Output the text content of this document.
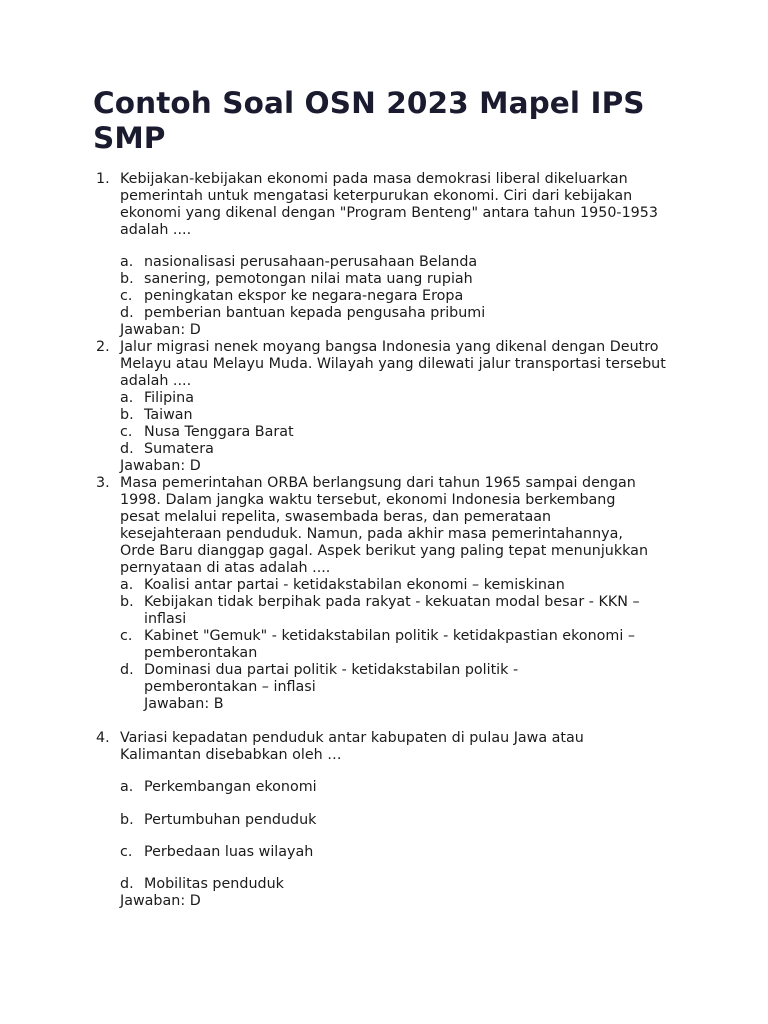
Contoh Soal OSN 2023 Mapel IPS SMP
1. Kebijakan-kebijakan ekonomi pada masa demokrasi liberal dikeluarkan pemerintah untuk mengatasi keterpurukan ekonomi. Ciri dari kebijakan ekonomi yang dikenal dengan "Program Benteng" antara tahun 1950-1953 adalah ....

a. nasionalisasi perusahaan-perusahaan Belanda
b. sanering, pemotongan nilai mata uang rupiah
c. peningkatan ekspor ke negara-negara Eropa
d. pemberian bantuan kepada pengusaha pribumi
Jawaban: D
2. Jalur migrasi nenek moyang bangsa Indonesia yang dikenal dengan Deutro Melayu atau Melayu Muda. Wilayah yang dilewati jalur transportasi tersebut adalah ....

a. Filipina
b. Taiwan
c. Nusa Tenggara Barat
d. Sumatera
Jawaban: D
3. Masa pemerintahan ORBA berlangsung dari tahun 1965 sampai dengan 1998. Dalam jangka waktu tersebut, ekonomi Indonesia berkembang pesat melalui repelita, swasembada beras, dan pemerataan kesejahteraan penduduk. Namun, pada akhir masa pemerintahannya, Orde Baru dianggap gagal. Aspek berikut yang paling tepat menunjukkan pernyataan di atas adalah ....

a. Koalisi antar partai - ketidakstabilan ekonomi – kemiskinan
b. Kebijakan tidak berpihak pada rakyat - kekuatan modal besar - KKN – inflasi
c. Kabinet "Gemuk" - ketidakstabilan politik - ketidakpastian ekonomi – pemberontakan
d. Dominasi dua partai politik - ketidakstabilan politik - pemberontakan – inflasi
Jawaban: B
4. Variasi kepadatan penduduk antar kabupaten di pulau Jawa atau Kalimantan disebabkan oleh …

a. Perkembangan ekonomi
b. Pertumbuhan penduduk
c. Perbedaan luas wilayah
d. Mobilitas penduduk
Jawaban: D
